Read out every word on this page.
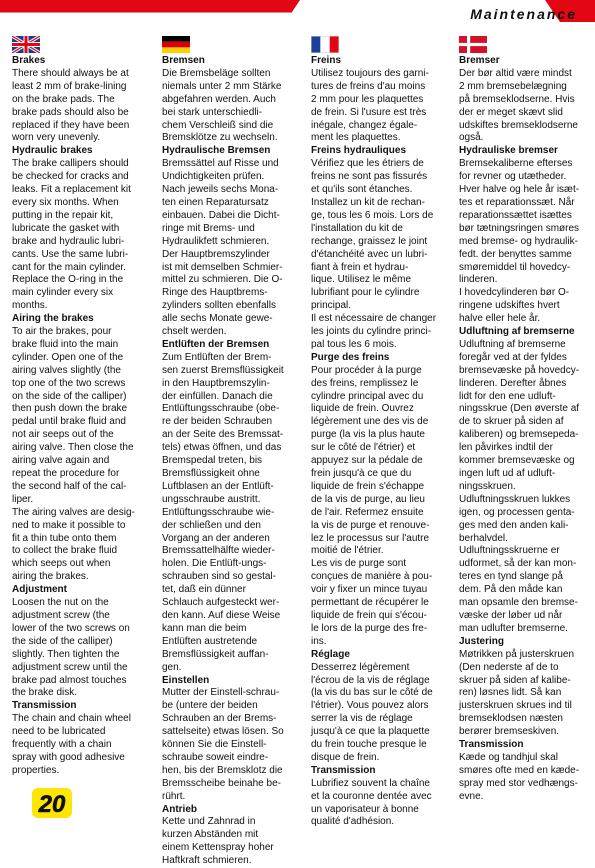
Maintenance
Brakes
There should always be at
least 2 mm of brake-lining
on the brake pads. The
brake pads should also be
replaced if they have been
worn very unevenly.
Hydraulic brakes
The brake callipers should
be checked for cracks and
leaks. Fit a replacement kit
every six months. When
putting in the repair kit,
lubricate the gasket with
brake and hydraulic lubri-
cants. Use the same lubri-
cant for the main cylinder.
Replace the O-ring in the
main cylinder every six
months.
Airing the brakes
To air the brakes, pour
brake fluid into the main
cylinder. Open one of the
airing valves slightly (the
top one of the two screws
on the side of the calliper)
then push down the brake
pedal until brake fluid and
not air seeps out of the
airing valve. Then close the
airing valve again and
repeat the procedure for
the second half of the cal-
liper.
The airing valves are desig-
ned to make it possible to
fit a thin tube onto them
to collect the brake fluid
which seeps out when
airing the brakes.
Adjustment
Loosen the nut on the
adjustment screw (the
lower of the two screws on
the side of the calliper)
slightly. Then tighten the
adjustment screw until the
brake pad almost touches
the brake disk.
Transmission
The chain and chain wheel
need to be lubricated
frequently with a chain
spray with good adhesive
properties.
Bremsen
Die Bremsbeläge sollten
niemals unter 2 mm Stärke
abgefahren werden. Auch
bei stark unterschiedli-
chem Verschleiß sind die
Bremsklötze zu wechseln.
Hydraulische Bremsen
Bremssättel auf Risse und
Undichtigkeiten prüfen.
Nach jeweils sechs Mona-
ten einen Reparatursatz
einbauen. Dabei die Dicht-
ringe mit Brems- und
Hydraulikfett schmieren.
Der Hauptbremszylinder
ist mit demselben Schmier-
mittel zu schmieren. Die O-
Ringe des Hauptbrems-
zylinders sollten ebenfalls
alle sechs Monate gewe-
chselt werden.
Entlüften der Bremsen
Zum Entlüften der Brem-
sen zuerst Bremsflüssigkeit
in den Hauptbremszylin-
der einfüllen. Danach die
Entlüftungsschraube (obe-
re der beiden Schrauben
an der Seite des Bremssat-
tels) etwas öffnen, und das
Bremspedal treten, bis
Bremsflüssigkeit ohne
Luftblasen an der Entlüft-
ungsschraube austritt.
Entlüftungsschraube wie-
der schließen und den
Vorgang an der anderen
Bremssattelhälfte wieder-
holen. Die Entlüft-ungs-
schrauben sind so gestal-
tet, daß ein dünner
Schlauch aufgesteckt wer-
den kann. Auf diese Weise
kann man die beim
Entlüften austretende
Bremsflüssigkeit auffan-
gen.
Einstellen
Mutter der Einstell-schrau-
be (untere der beiden
Schrauben an der Brems-
sattelseite) etwas lösen. So
können Sie die Einstell-
schraube soweit eindre-
hen, bis der Bremsklotz die
Bremsscheibe beinahe be-
rührt.
Antrieb
Kette und Zahnrad in
kurzen Abständen mit
einem Kettenspray hoher
Haftkraft schmieren.
Freins
Utilisez toujours des garni-
tures de freins d'au moins
2 mm pour les plaquettes
de frein. Si l'usure est très
inégale, changez égale-
ment les plaquettes.
Freins hydrauliques
Vérifiez que les étriers de
freins ne sont pas fissurés
et qu'ils sont étanches.
Installez un kit de rechan-
ge, tous les 6 mois. Lors de
l'installation du kit de
rechange, graissez le joint
d'étanchéité avec un lubri-
fiant à frein et hydrau-
lique. Utilisez le même
lubrifiant pour le cylindre
principal.
Il est nécessaire de changer
les joints du cylindre princi-
pal tous les 6 mois.
Purge des freins
Pour procéder à la purge
des freins, remplissez le
cylindre principal avec du
liquide de frein. Ouvrez
légèrement une des vis de
purge (la vis la plus haute
sur le côté de l'étrier) et
appuyez sur la pédale de
frein jusqu'à ce que du
liquide de frein s'échappe
de la vis de purge, au lieu
de l'air. Refermez ensuite
la vis de purge et renouve-
lez le processus sur l'autre
moitié de l'étrier.
Les vis de purge sont
conçues de manière à pou-
voir y fixer un mince tuyau
permettant de récupérer le
liquide de frein qui s'écou-
le lors de la purge des fre-
ins.
Réglage
Desserrez légèrement
l'écrou de la vis de réglage
(la vis du bas sur le côté de
l'étrier). Vous pouvez alors
serrer la vis de réglage
jusqu'à ce que la plaquette
du frein touche presque le
disque de frein.
Transmission
Lubrifiez souvent la chaîne
et la couronne dentée avec
un vaporisateur à bonne
qualité d'adhésion.
Bremser
Der bør altid være mindst
2 mm bremsebelægning
på bremseklodserne. Hvis
der er meget skævt slid
udskiftes bremseklodserne
også.
Hydrauliske bremser
Bremsekaliberne efterses
for revner og utætheder.
Hver halve og hele år isæt-
tes et reparationssæt. Når
reparationssættet isættes
bør tætningsringen smøres
med bremse- og hydraulik-
fedt. der benyttes samme
smøremiddel til hovedcy-
linderen.
I hovedcylinderen bør O-
ringene udskiftes hvert
halve eller hele år.
Udluftning af bremserne
Udluftning af bremserne
foregår ved at der fyldes
bremsevæske på hovedcy-
linderen. Derefter åbnes
lidt for den ene udluft-
ningsskrue (Den øverste af
de to skruer på siden af
kaliberen) og bremsepeda-
len påvirkes indtil der
kommer bremsevæske og
ingen luft ud af udluft-
ningsskruen.
Udluftningsskruen lukkes
igen, og processen genta-
ges med den anden kali-
berhalvdel.
Udluftningsskruerne er
udformet, så der kan mon-
teres en tynd slange på
dem. På den måde kan
man opsamle den bremse-
væske der løber ud når
man udlufter bremserne.
Justering
Møtrikken på justerskruen
(Den nederste af de to
skruer på siden af kalibe-
ren) løsnes lidt. Så kan
justerskruen skrues ind til
bremseklodsen næsten
berører bremseskiven.
Transmission
Kæde og tandhjul skal
smøres ofte med en kæde-
spray med stor vedhængs-
evne.
20
